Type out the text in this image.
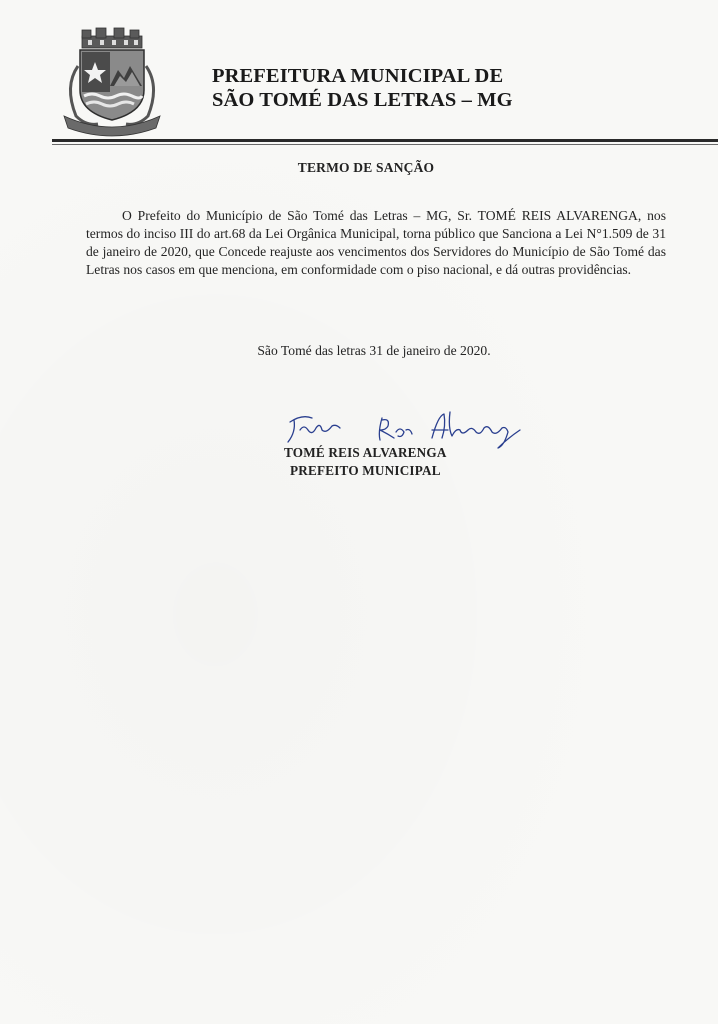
PREFEITURA MUNICIPAL DE
SÃO TOMÉ DAS LETRAS – MG
TERMO DE SANÇÃO
O Prefeito do Município de São Tomé das Letras – MG, Sr. TOMÉ REIS ALVARENGA, nos termos do inciso III do art.68 da Lei Orgânica Municipal, torna público que Sanciona a Lei N°1.509 de 31 de janeiro de 2020, que Concede reajuste aos vencimentos dos Servidores do Município de São Tomé das Letras nos casos em que menciona, em conformidade com o piso nacional, e dá outras providências.
São Tomé das letras 31 de janeiro de 2020.
TOMÉ REIS ALVARENGA
PREFEITO MUNICIPAL
